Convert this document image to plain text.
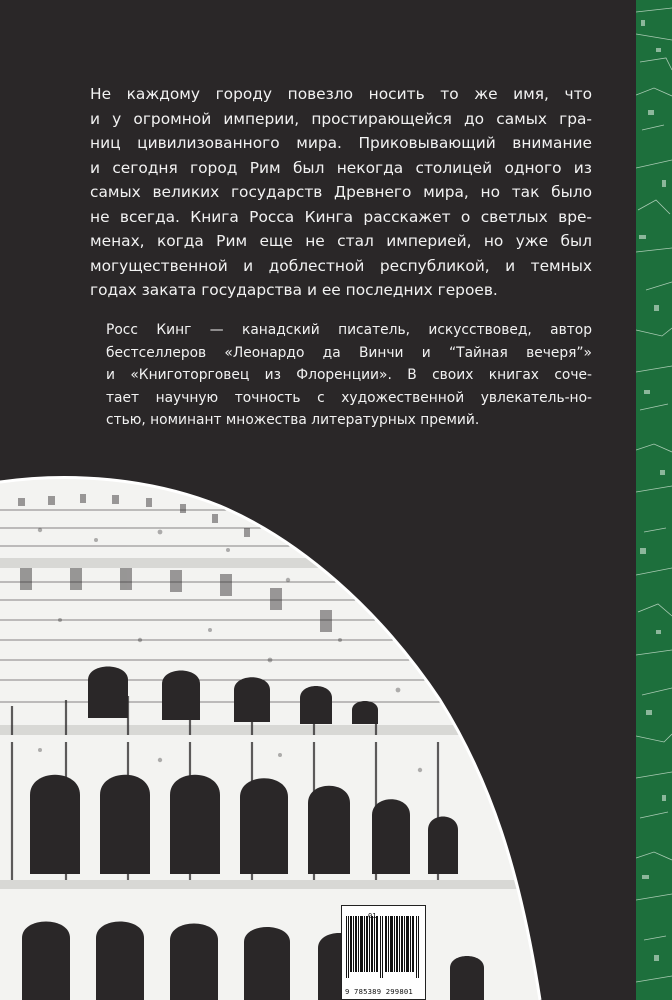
Не каждому городу повезло носить то же имя, что
и у огромной империи, простирающейся до самых гра-
ниц цивилизованного мира. Приковывающий внимание
и сегодня город Рим был некогда столицей одного из
самых великих государств Древнего мира, но так было
не всегда. Книга Росса Кинга расскажет о светлых вре-
менах, когда Рим еще не стал империей, но уже был
могущественной и доблестной республикой, и темных
годах заката государства и ее последних героев.

Росс Кинг — канадский писатель, искусствовед, автор
бестселлеров «Леонардо да Винчи и “Тайная вечеря”»
и «Книготорговец из Флоренции». В своих книгах соче-
тает научную точность с художественной увлекатель-но-
стью, номинант множества литературных премий.

01
9 785389 299801
